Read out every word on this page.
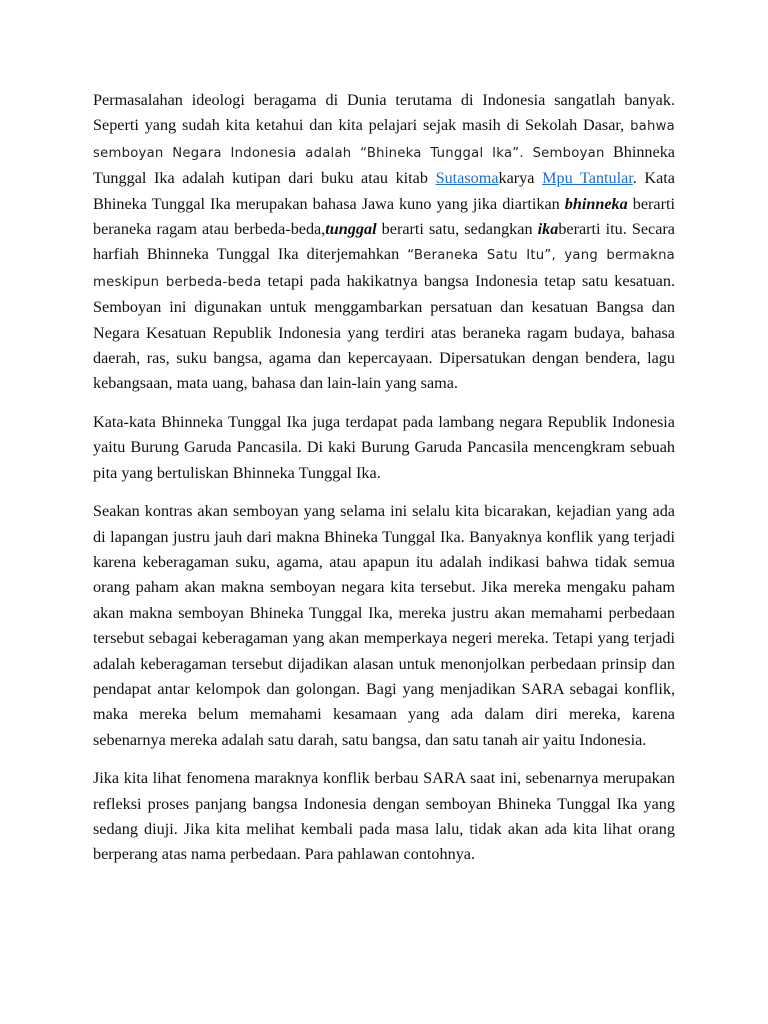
Permasalahan ideologi beragama di Dunia terutama di Indonesia sangatlah banyak. Seperti yang sudah kita ketahui dan kita pelajari sejak masih di Sekolah Dasar, bahwa semboyan Negara Indonesia adalah “Bhineka Tunggal Ika”. Semboyan Bhinneka Tunggal Ika adalah kutipan dari buku atau kitab Sutasomakarya Mpu Tantular. Kata Bhineka Tunggal Ika merupakan bahasa Jawa kuno yang jika diartikan bhinneka berarti beraneka ragam atau berbeda-beda,tunggal berarti satu, sedangkan ikaberarti itu. Secara harfiah Bhinneka Tunggal Ika diterjemahkan “Beraneka Satu Itu”, yang bermakna meskipun berbeda-beda tetapi pada hakikatnya bangsa Indonesia tetap satu kesatuan. Semboyan ini digunakan untuk menggambarkan persatuan dan kesatuan Bangsa dan Negara Kesatuan Republik Indonesia yang terdiri atas beraneka ragam budaya, bahasa daerah, ras, suku bangsa, agama dan kepercayaan. Dipersatukan dengan bendera, lagu kebangsaan, mata uang, bahasa dan lain-lain yang sama.

Kata-kata Bhinneka Tunggal Ika juga terdapat pada lambang negara Republik Indonesia yaitu Burung Garuda Pancasila. Di kaki Burung Garuda Pancasila mencengkram sebuah pita yang bertuliskan Bhinneka Tunggal Ika.

Seakan kontras akan semboyan yang selama ini selalu kita bicarakan, kejadian yang ada di lapangan justru jauh dari makna Bhineka Tunggal Ika. Banyaknya konflik yang terjadi karena keberagaman suku, agama, atau apapun itu adalah indikasi bahwa tidak semua orang paham akan makna semboyan negara kita tersebut. Jika mereka mengaku paham akan makna semboyan Bhineka Tunggal Ika, mereka justru akan memahami perbedaan tersebut sebagai keberagaman yang akan memperkaya negeri mereka. Tetapi yang terjadi adalah keberagaman tersebut dijadikan alasan untuk menonjolkan perbedaan prinsip dan pendapat antar kelompok dan golongan. Bagi yang menjadikan SARA sebagai konflik, maka mereka belum memahami kesamaan yang ada dalam diri mereka, karena sebenarnya mereka adalah satu darah, satu bangsa, dan satu tanah air yaitu Indonesia.

Jika kita lihat fenomena maraknya konflik berbau SARA saat ini, sebenarnya merupakan refleksi proses panjang bangsa Indonesia dengan semboyan Bhineka Tunggal Ika yang sedang diuji. Jika kita melihat kembali pada masa lalu, tidak akan ada kita lihat orang berperang atas nama perbedaan. Para pahlawan contohnya.
